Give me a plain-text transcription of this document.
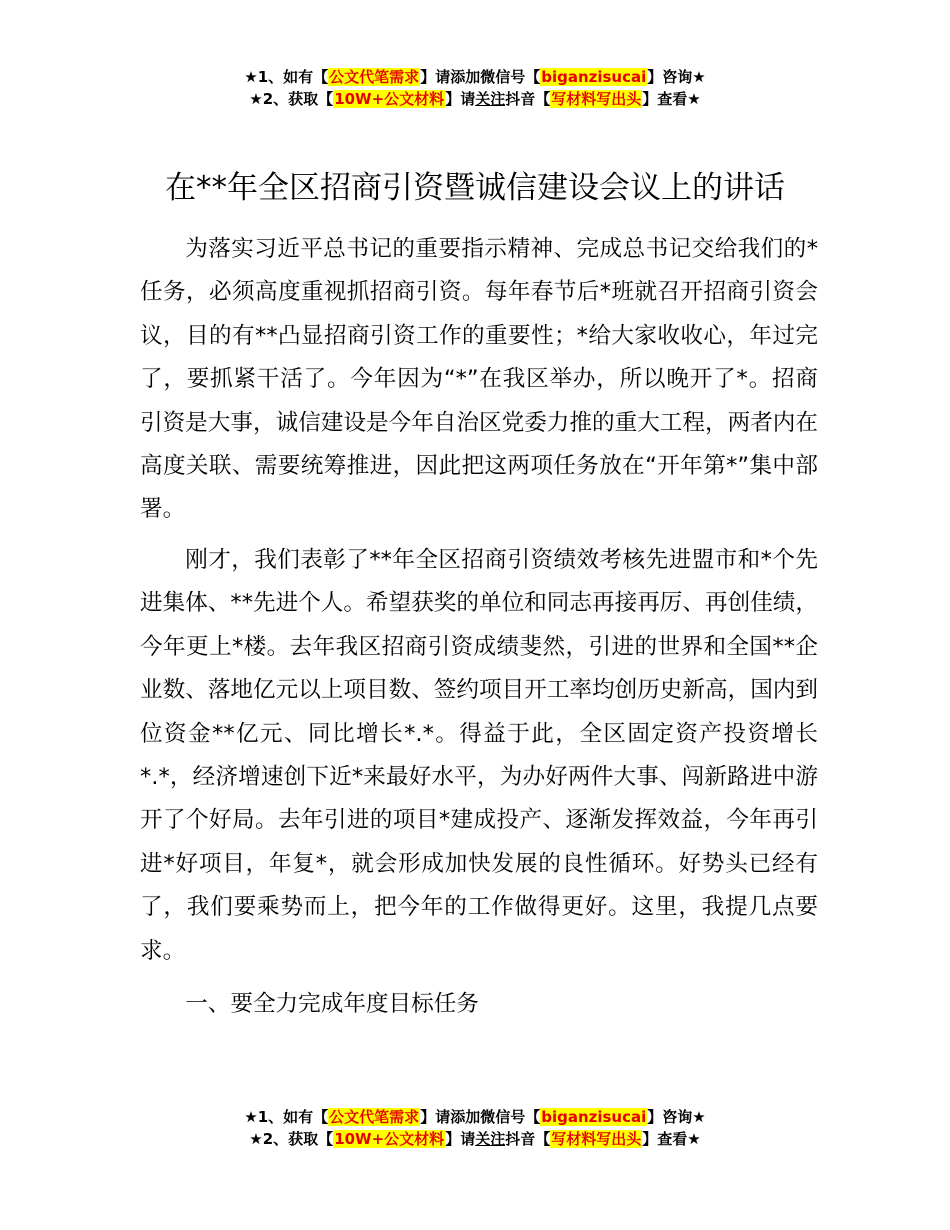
★1、如有【公文代笔需求】请添加微信号【biganzisucai】咨询★
★2、获取【10W+公文材料】请关注抖音【写材料写出头】查看★
在**年全区招商引资暨诚信建设会议上的讲话

为落实习近平总书记的重要指示精神、完成总书记交给我们的*任务，必须高度重视抓招商引资。每年春节后*班就召开招商引资会议，目的有**凸显招商引资工作的重要性；*给大家收收心，年过完了，要抓紧干活了。今年因为“*”在我区举办，所以晚开了*。招商引资是大事，诚信建设是今年自治区党委力推的重大工程，两者内在高度关联、需要统筹推进，因此把这两项任务放在“开年第*”集中部署。

刚才，我们表彰了**年全区招商引资绩效考核先进盟市和*个先进集体、**先进个人。希望获奖的单位和同志再接再厉、再创佳绩，今年更上*楼。去年我区招商引资成绩斐然，引进的世界和全国**企业数、落地亿元以上项目数、签约项目开工率均创历史新高，国内到位资金**亿元、同比增长*.*。得益于此，全区固定资产投资增长*.*，经济增速创下近*来最好水平，为办好两件大事、闯新路进中游开了个好局。去年引进的项目*建成投产、逐渐发挥效益，今年再引进*好项目，年复*，就会形成加快发展的良性循环。好势头已经有了，我们要乘势而上，把今年的工作做得更好。这里，我提几点要求。

一、要全力完成年度目标任务
★1、如有【公文代笔需求】请添加微信号【biganzisucai】咨询★
★2、获取【10W+公文材料】请关注抖音【写材料写出头】查看★
